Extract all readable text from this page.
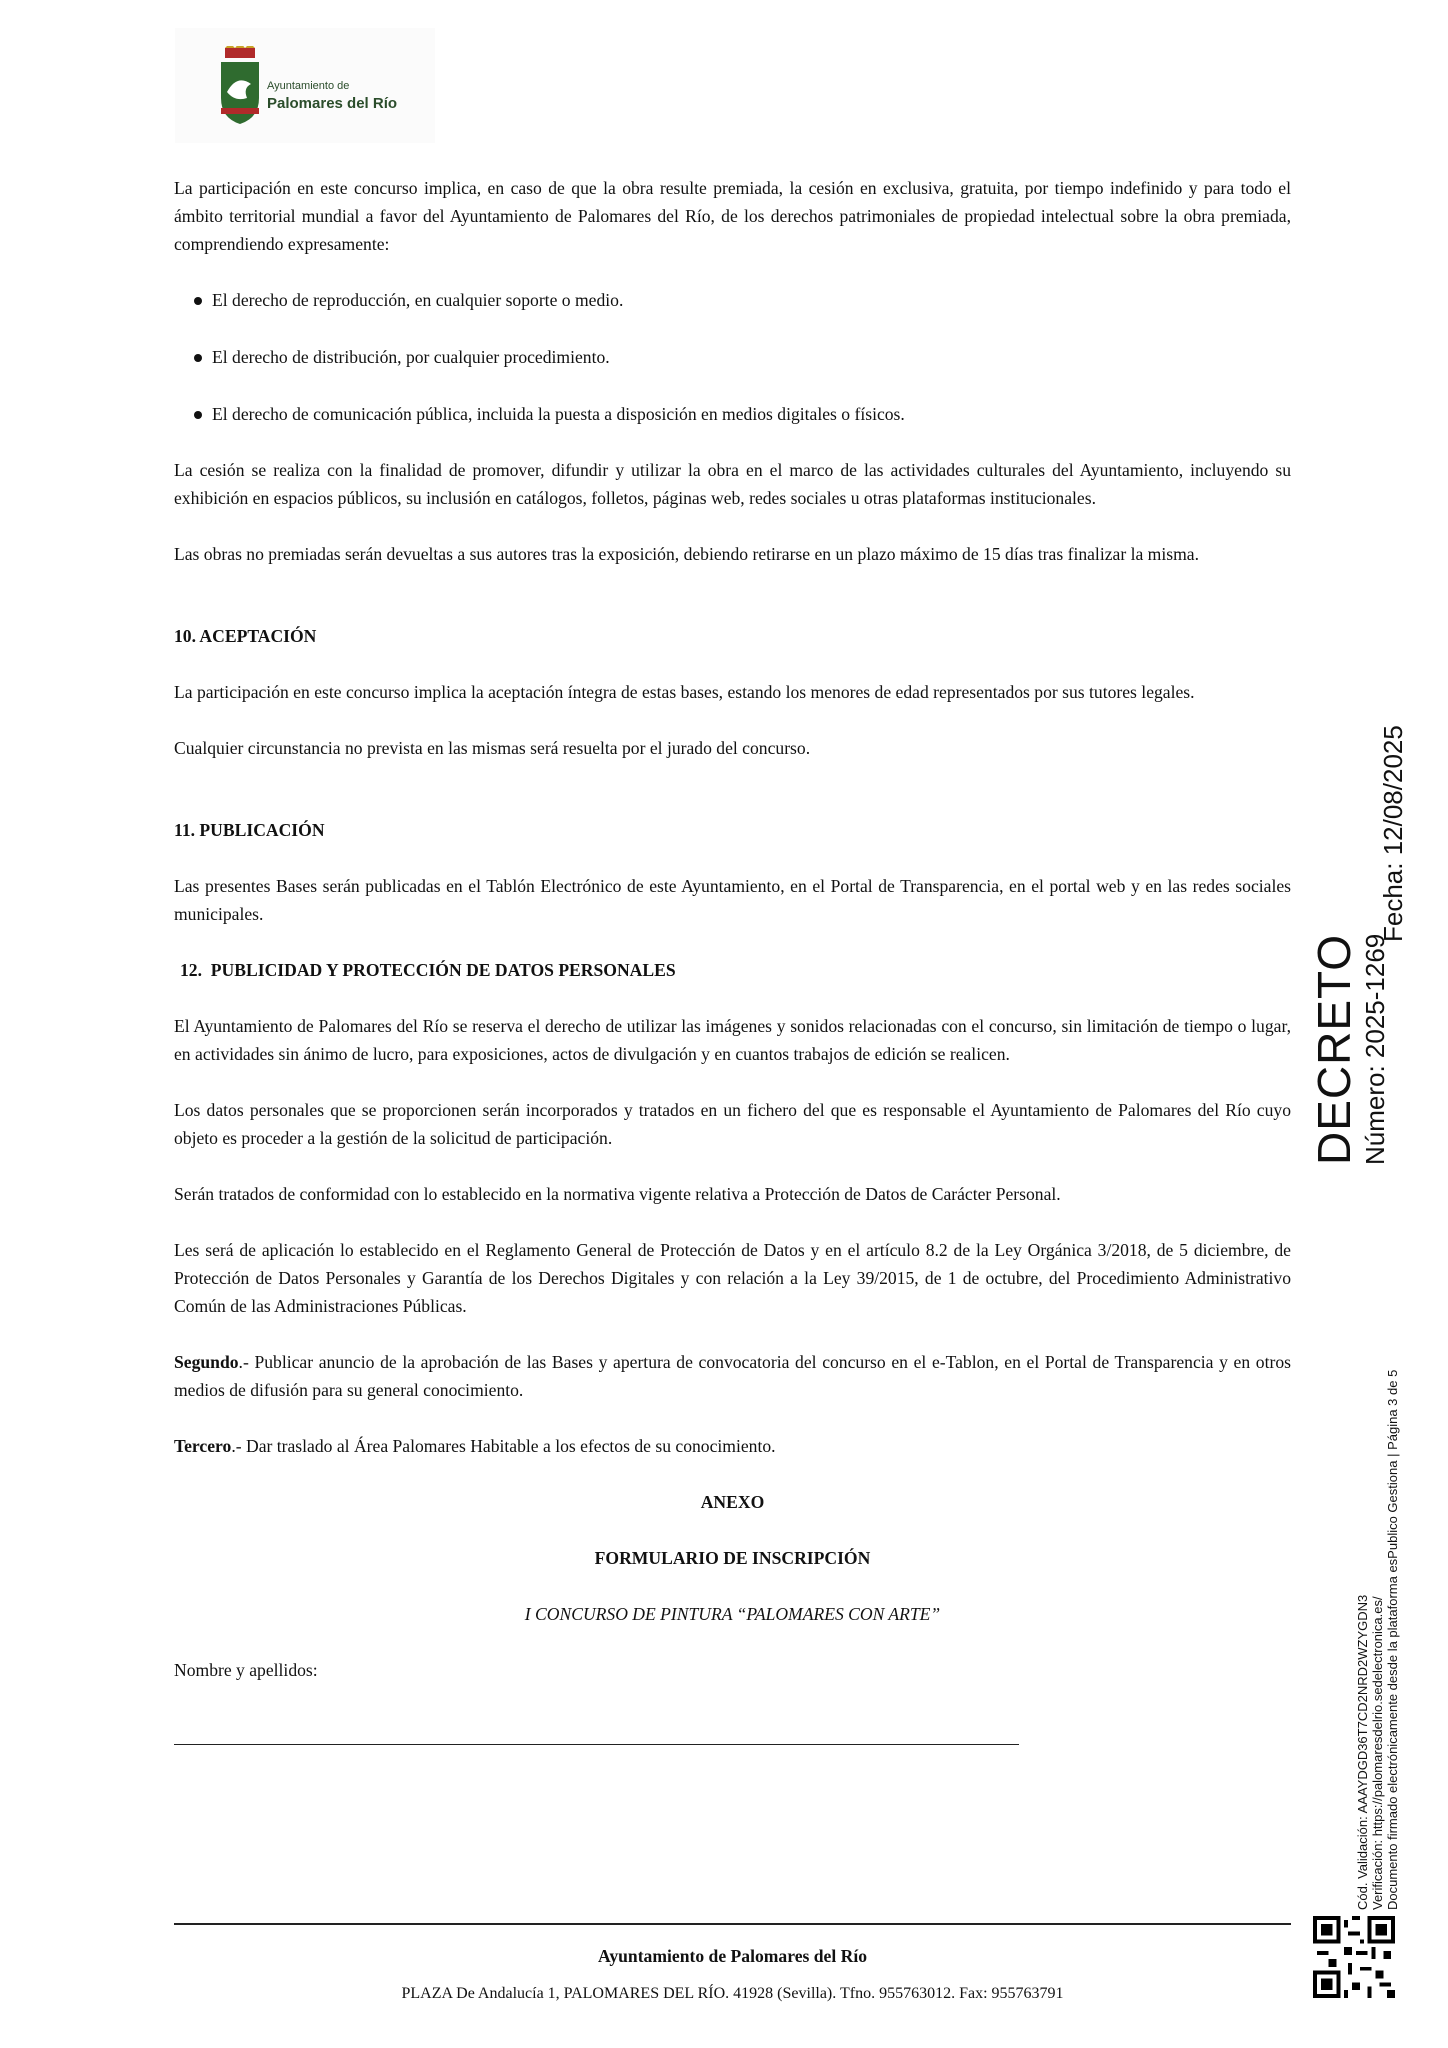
Ayuntamiento de
Palomares del Río

La participación en este concurso implica, en caso de que la obra resulte premiada, la cesión en exclusiva, gratuita, por tiempo indefinido y para todo el ámbito territorial mundial a favor del Ayuntamiento de Palomares del Río, de los derechos patrimoniales de propiedad intelectual sobre la obra premiada, comprendiendo expresamente:

El derecho de reproducción, en cualquier soporte o medio.
El derecho de distribución, por cualquier procedimiento.
El derecho de comunicación pública, incluida la puesta a disposición en medios digitales o físicos.

La cesión se realiza con la finalidad de promover, difundir y utilizar la obra en el marco de las actividades culturales del Ayuntamiento, incluyendo su exhibición en espacios públicos, su inclusión en catálogos, folletos, páginas web, redes sociales u otras plataformas institucionales.

Las obras no premiadas serán devueltas a sus autores tras la exposición, debiendo retirarse en un plazo máximo de 15 días tras finalizar la misma.

10. ACEPTACIÓN

La participación en este concurso implica la aceptación íntegra de estas bases, estando los menores de edad representados por sus tutores legales.

Cualquier circunstancia no prevista en las mismas será resuelta por el jurado del concurso.

11. PUBLICACIÓN

Las presentes Bases serán publicadas en el Tablón Electrónico de este Ayuntamiento, en el Portal de Transparencia, en el portal web y en las redes sociales municipales.

12. PUBLICIDAD Y PROTECCIÓN DE DATOS PERSONALES

El Ayuntamiento de Palomares del Río se reserva el derecho de utilizar las imágenes y sonidos relacionadas con el concurso, sin limitación de tiempo o lugar, en actividades sin ánimo de lucro, para exposiciones, actos de divulgación y en cuantos trabajos de edición se realicen.

Los datos personales que se proporcionen serán incorporados y tratados en un fichero del que es responsable el Ayuntamiento de Palomares del Río cuyo objeto es proceder a la gestión de la solicitud de participación.

Serán tratados de conformidad con lo establecido en la normativa vigente relativa a Protección de Datos de Carácter Personal.

Les será de aplicación lo establecido en el Reglamento General de Protección de Datos y en el artículo 8.2 de la Ley Orgánica 3/2018, de 5 diciembre, de Protección de Datos Personales y Garantía de los Derechos Digitales y con relación a la Ley 39/2015, de 1 de octubre, del Procedimiento Administrativo Común de las Administraciones Públicas.

Segundo.- Publicar anuncio de la aprobación de las Bases y apertura de convocatoria del concurso en el e-Tablon, en el Portal de Transparencia y en otros medios de difusión para su general conocimiento.

Tercero.- Dar traslado al Área Palomares Habitable a los efectos de su conocimiento.

ANEXO

FORMULARIO DE INSCRIPCIÓN

I CONCURSO DE PINTURA “PALOMARES CON ARTE”

Nombre y apellidos:

Ayuntamiento de Palomares del Río
PLAZA De Andalucía 1, PALOMARES DEL RÍO. 41928 (Sevilla). Tfno. 955763012. Fax: 955763791
DECRETO Número: 2025-1269
Fecha: 12/08/2025
Cód. Validación: AAAYDGD36T7CD2NRD2WZYGDN3 Verificación: https://palomaresdelrio.sedelectronica.es/ Documento firmado electrónicamente desde la plataforma esPublico Gestiona | Página 3 de 5
